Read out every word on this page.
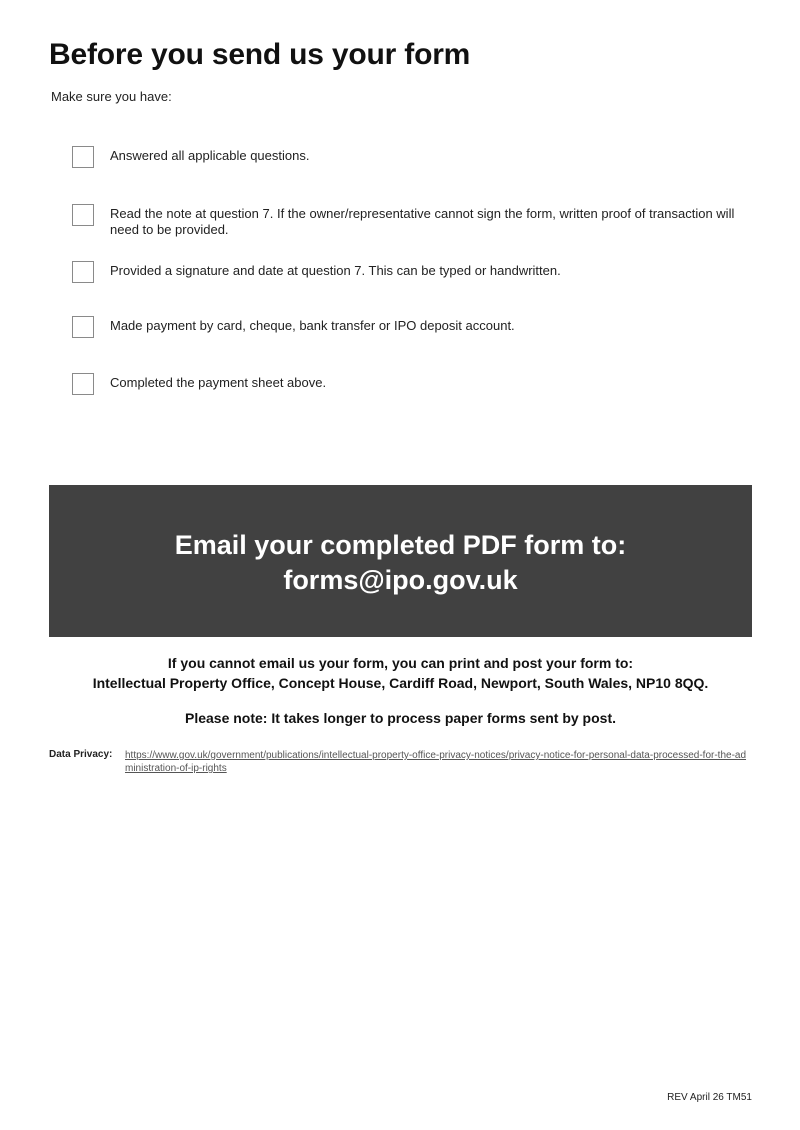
Before you send us your form
Make sure you have:
Answered all applicable questions.
Read the note at question 7. If the owner/representative cannot sign the form, written proof of transaction will need to be provided.
Provided a signature and date at question 7. This can be typed or handwritten.
Made payment by card, cheque, bank transfer or IPO deposit account.
Completed the payment sheet above.
Email your completed PDF form to:
forms@ipo.gov.uk
If you cannot email us your form, you can print and post your form to:
Intellectual Property Office, Concept House, Cardiff Road, Newport, South Wales, NP10 8QQ.
Please note: It takes longer to process paper forms sent by post.
Data Privacy: https://www.gov.uk/government/publications/intellectual-property-office-privacy-notices/privacy-notice-for-personal-data-processed-for-the-administration-of-ip-rights
REV April 26 TM51
